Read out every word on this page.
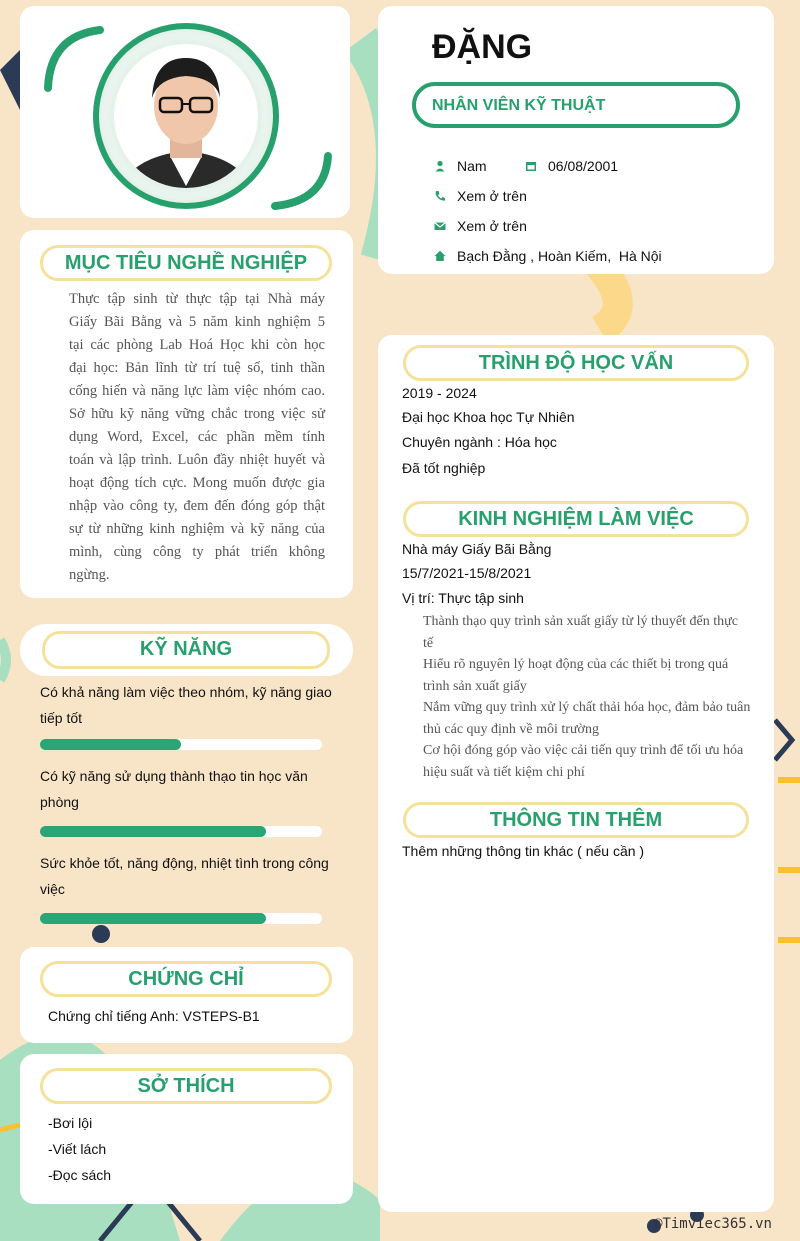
ĐẶNG
NHÂN VIÊN KỸ THUẬT
Nam	06/08/2001
Xem ở trên
Xem ở trên
Bạch Đằng , Hoàn Kiếm,  Hà Nội
MỤC TIÊU NGHỀ NGHIỆP
Thực tập sinh từ thực tập tại Nhà máy
Giấy Bãi Bằng và 5 năm kinh nghiệm 5
tại các phòng Lab Hoá Học khi còn học
đại học: Bản lĩnh từ trí tuệ số, tinh thần
cống hiến và năng lực làm việc nhóm cao.
Sở hữu kỹ năng vững chắc trong việc sử
dụng Word, Excel, các phần mềm tính
toán và lập trình. Luôn đầy nhiệt huyết và
hoạt động tích cực. Mong muốn được gia
nhập vào công ty, đem đến đóng góp thật
sự từ những kinh nghiệm và kỹ năng của
mình, cùng công ty phát triển không
ngừng.
KỸ NĂNG
Có khả năng làm việc theo nhóm, kỹ năng giao
tiếp tốt
Có kỹ năng sử dụng thành thạo tin học văn
phòng
Sức khỏe tốt, năng động, nhiệt tình trong công
việc
CHỨNG CHỈ
Chứng chỉ tiếng Anh: VSTEPS-B1
SỞ THÍCH
-Bơi lội
-Viết lách
-Đọc sách
TRÌNH ĐỘ HỌC VẤN
2019 - 2024
Đại học Khoa học Tự Nhiên
Chuyên ngành : Hóa học
Đã tốt nghiệp
KINH NGHIỆM LÀM VIỆC
Nhà máy Giấy Bãi Bằng
15/7/2021-15/8/2021
Vị trí: Thực tập sinh
Thành thạo quy trình sản xuất giấy từ lý thuyết đến thực
tế
Hiểu rõ nguyên lý hoạt động của các thiết bị trong quá
trình sản xuất giấy
Nắm vững quy trình xử lý chất thải hóa học, đảm bảo tuân
thủ các quy định về môi trường
Cơ hội đóng góp vào việc cải tiến quy trình để tối ưu hóa
hiệu suất và tiết kiệm chi phí
THÔNG TIN THÊM
Thêm những thông tin khác ( nếu cần )
©Timviec365.vn
